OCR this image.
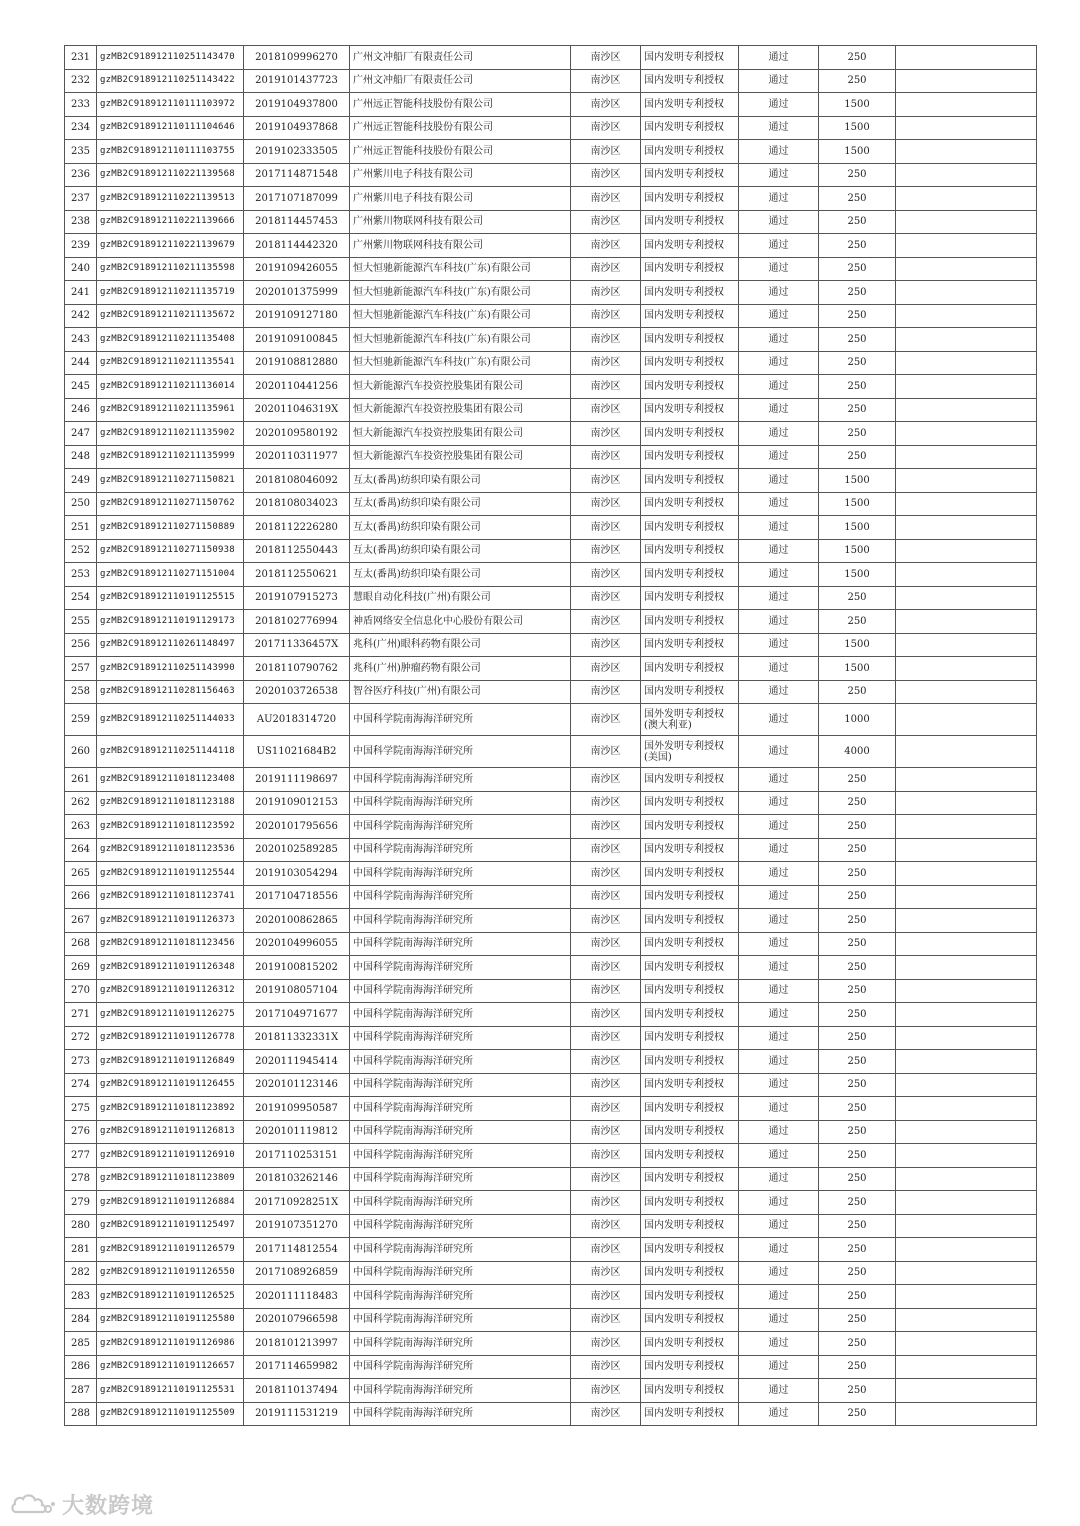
231	gzMB2C918912110251143470	2018109996270	广州文冲船厂有限责任公司	南沙区	国内发明专利授权	通过	250	
232	gzMB2C918912110251143422	2019101437723	广州文冲船厂有限责任公司	南沙区	国内发明专利授权	通过	250	
233	gzMB2C918912110111103972	2019104937800	广州远正智能科技股份有限公司	南沙区	国内发明专利授权	通过	1500	
234	gzMB2C918912110111104646	2019104937868	广州远正智能科技股份有限公司	南沙区	国内发明专利授权	通过	1500	
235	gzMB2C918912110111103755	2019102333505	广州远正智能科技股份有限公司	南沙区	国内发明专利授权	通过	1500	
236	gzMB2C918912110221139568	2017114871548	广州紫川电子科技有限公司	南沙区	国内发明专利授权	通过	250	
237	gzMB2C918912110221139513	2017107187099	广州紫川电子科技有限公司	南沙区	国内发明专利授权	通过	250	
238	gzMB2C918912110221139666	2018114457453	广州紫川物联网科技有限公司	南沙区	国内发明专利授权	通过	250	
239	gzMB2C918912110221139679	2018114442320	广州紫川物联网科技有限公司	南沙区	国内发明专利授权	通过	250	
240	gzMB2C918912110211135598	2019109426055	恒大恒驰新能源汽车科技(广东)有限公司	南沙区	国内发明专利授权	通过	250	
241	gzMB2C918912110211135719	2020101375999	恒大恒驰新能源汽车科技(广东)有限公司	南沙区	国内发明专利授权	通过	250	
242	gzMB2C918912110211135672	2019109127180	恒大恒驰新能源汽车科技(广东)有限公司	南沙区	国内发明专利授权	通过	250	
243	gzMB2C918912110211135408	2019109100845	恒大恒驰新能源汽车科技(广东)有限公司	南沙区	国内发明专利授权	通过	250	
244	gzMB2C918912110211135541	2019108812880	恒大恒驰新能源汽车科技(广东)有限公司	南沙区	国内发明专利授权	通过	250	
245	gzMB2C918912110211136014	2020110441256	恒大新能源汽车投资控股集团有限公司	南沙区	国内发明专利授权	通过	250	
246	gzMB2C918912110211135961	202011046319X	恒大新能源汽车投资控股集团有限公司	南沙区	国内发明专利授权	通过	250	
247	gzMB2C918912110211135902	2020109580192	恒大新能源汽车投资控股集团有限公司	南沙区	国内发明专利授权	通过	250	
248	gzMB2C918912110211135999	2020110311977	恒大新能源汽车投资控股集团有限公司	南沙区	国内发明专利授权	通过	250	
249	gzMB2C918912110271150821	2018108046092	互太(番禺)纺织印染有限公司	南沙区	国内发明专利授权	通过	1500	
250	gzMB2C918912110271150762	2018108034023	互太(番禺)纺织印染有限公司	南沙区	国内发明专利授权	通过	1500	
251	gzMB2C918912110271150889	2018112226280	互太(番禺)纺织印染有限公司	南沙区	国内发明专利授权	通过	1500	
252	gzMB2C918912110271150938	2018112550443	互太(番禺)纺织印染有限公司	南沙区	国内发明专利授权	通过	1500	
253	gzMB2C918912110271151004	2018112550621	互太(番禺)纺织印染有限公司	南沙区	国内发明专利授权	通过	1500	
254	gzMB2C918912110191125515	2019107915273	慧眼自动化科技(广州)有限公司	南沙区	国内发明专利授权	通过	250	
255	gzMB2C918912110191129173	2018102776994	神盾网络安全信息化中心股份有限公司	南沙区	国内发明专利授权	通过	250	
256	gzMB2C918912110261148497	201711336457X	兆科(广州)眼科药物有限公司	南沙区	国内发明专利授权	通过	1500	
257	gzMB2C918912110251143990	2018110790762	兆科(广州)肿瘤药物有限公司	南沙区	国内发明专利授权	通过	1500	
258	gzMB2C918912110281156463	2020103726538	智谷医疗科技(广州)有限公司	南沙区	国内发明专利授权	通过	250	
259	gzMB2C918912110251144033	AU2018314720	中国科学院南海海洋研究所	南沙区	国外发明专利授权(澳大利亚)	通过	1000	
260	gzMB2C918912110251144118	US11021684B2	中国科学院南海海洋研究所	南沙区	国外发明专利授权(美国)	通过	4000	
261	gzMB2C918912110181123408	2019111198697	中国科学院南海海洋研究所	南沙区	国内发明专利授权	通过	250	
262	gzMB2C918912110181123188	2019109012153	中国科学院南海海洋研究所	南沙区	国内发明专利授权	通过	250	
263	gzMB2C918912110181123592	2020101795656	中国科学院南海海洋研究所	南沙区	国内发明专利授权	通过	250	
264	gzMB2C918912110181123536	2020102589285	中国科学院南海海洋研究所	南沙区	国内发明专利授权	通过	250	
265	gzMB2C918912110191125544	2019103054294	中国科学院南海海洋研究所	南沙区	国内发明专利授权	通过	250	
266	gzMB2C918912110181123741	2017104718556	中国科学院南海海洋研究所	南沙区	国内发明专利授权	通过	250	
267	gzMB2C918912110191126373	2020100862865	中国科学院南海海洋研究所	南沙区	国内发明专利授权	通过	250	
268	gzMB2C918912110181123456	2020104996055	中国科学院南海海洋研究所	南沙区	国内发明专利授权	通过	250	
269	gzMB2C918912110191126348	2019100815202	中国科学院南海海洋研究所	南沙区	国内发明专利授权	通过	250	
270	gzMB2C918912110191126312	2019108057104	中国科学院南海海洋研究所	南沙区	国内发明专利授权	通过	250	
271	gzMB2C918912110191126275	2017104971677	中国科学院南海海洋研究所	南沙区	国内发明专利授权	通过	250	
272	gzMB2C918912110191126778	201811332331X	中国科学院南海海洋研究所	南沙区	国内发明专利授权	通过	250	
273	gzMB2C918912110191126849	2020111945414	中国科学院南海海洋研究所	南沙区	国内发明专利授权	通过	250	
274	gzMB2C918912110191126455	2020101123146	中国科学院南海海洋研究所	南沙区	国内发明专利授权	通过	250	
275	gzMB2C918912110181123892	2019109950587	中国科学院南海海洋研究所	南沙区	国内发明专利授权	通过	250	
276	gzMB2C918912110191126813	2020101119812	中国科学院南海海洋研究所	南沙区	国内发明专利授权	通过	250	
277	gzMB2C918912110191126910	2017110253151	中国科学院南海海洋研究所	南沙区	国内发明专利授权	通过	250	
278	gzMB2C918912110181123809	2018103262146	中国科学院南海海洋研究所	南沙区	国内发明专利授权	通过	250	
279	gzMB2C918912110191126884	201710928251X	中国科学院南海海洋研究所	南沙区	国内发明专利授权	通过	250	
280	gzMB2C918912110191125497	2019107351270	中国科学院南海海洋研究所	南沙区	国内发明专利授权	通过	250	
281	gzMB2C918912110191126579	2017114812554	中国科学院南海海洋研究所	南沙区	国内发明专利授权	通过	250	
282	gzMB2C918912110191126550	2017108926859	中国科学院南海海洋研究所	南沙区	国内发明专利授权	通过	250	
283	gzMB2C918912110191126525	2020111118483	中国科学院南海海洋研究所	南沙区	国内发明专利授权	通过	250	
284	gzMB2C918912110191125580	2020107966598	中国科学院南海海洋研究所	南沙区	国内发明专利授权	通过	250	
285	gzMB2C918912110191126986	2018101213997	中国科学院南海海洋研究所	南沙区	国内发明专利授权	通过	250	
286	gzMB2C918912110191126657	2017114659982	中国科学院南海海洋研究所	南沙区	国内发明专利授权	通过	250	
287	gzMB2C918912110191125531	2018110137494	中国科学院南海海洋研究所	南沙区	国内发明专利授权	通过	250	
288	gzMB2C918912110191125509	2019111531219	中国科学院南海海洋研究所	南沙区	国内发明专利授权	通过	250	
大数跨境
